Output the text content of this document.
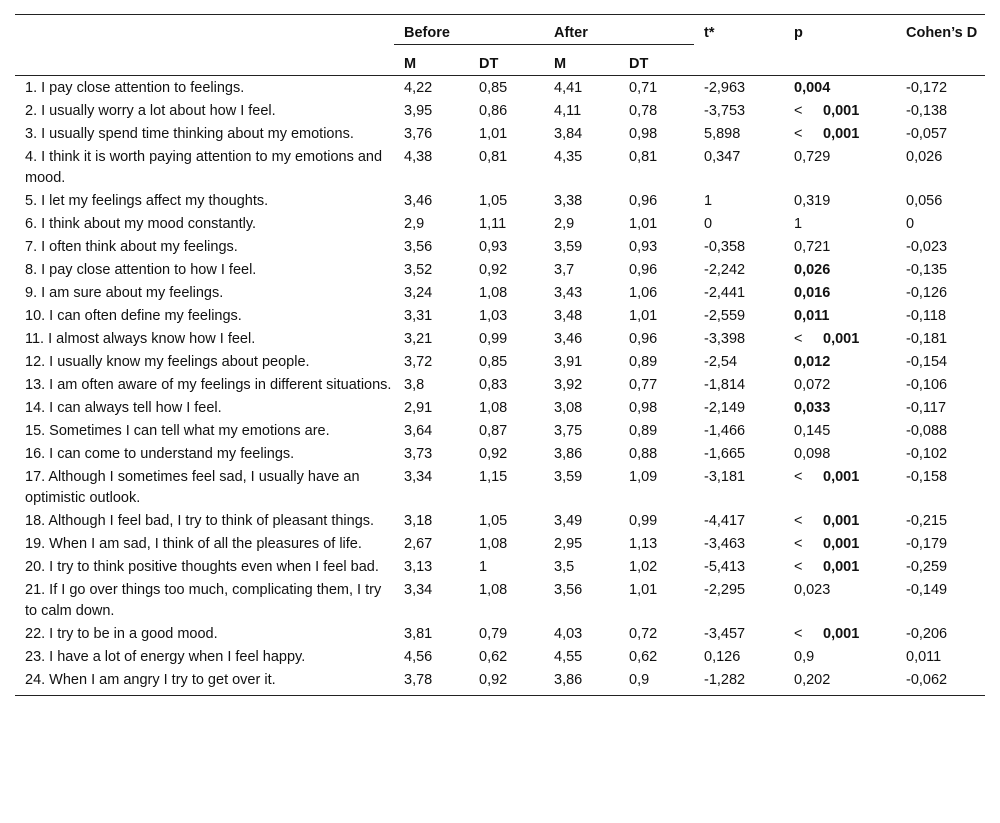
	Before		After		t*	p	Cohen’s D
	M	DT	M	DT			
1. I pay close attention to feelings.	4,22	0,85	4,41	0,71	-2,963	0,004	-0,172
2. I usually worry a lot about how I feel.	3,95	0,86	4,11	0,78	-3,753	< 0,001	-0,138
3. I usually spend time thinking about my emotions.	3,76	1,01	3,84	0,98	5,898	< 0,001	-0,057
4. I think it is worth paying attention to my emotions and mood.	4,38	0,81	4,35	0,81	0,347	0,729	0,026
5. I let my feelings affect my thoughts.	3,46	1,05	3,38	0,96	1	0,319	0,056
6. I think about my mood constantly.	2,9	1,11	2,9	1,01	0	1	0
7. I often think about my feelings.	3,56	0,93	3,59	0,93	-0,358	0,721	-0,023
8. I pay close attention to how I feel.	3,52	0,92	3,7	0,96	-2,242	0,026	-0,135
9. I am sure about my feelings.	3,24	1,08	3,43	1,06	-2,441	0,016	-0,126
10. I can often define my feelings.	3,31	1,03	3,48	1,01	-2,559	0,011	-0,118
11. I almost always know how I feel.	3,21	0,99	3,46	0,96	-3,398	< 0,001	-0,181
12. I usually know my feelings about people.	3,72	0,85	3,91	0,89	-2,54	0,012	-0,154
13. I am often aware of my feelings in different situations.	3,8	0,83	3,92	0,77	-1,814	0,072	-0,106
14. I can always tell how I feel.	2,91	1,08	3,08	0,98	-2,149	0,033	-0,117
15. Sometimes I can tell what my emotions are.	3,64	0,87	3,75	0,89	-1,466	0,145	-0,088
16. I can come to understand my feelings.	3,73	0,92	3,86	0,88	-1,665	0,098	-0,102
17. Although I sometimes feel sad, I usually have an optimistic outlook.	3,34	1,15	3,59	1,09	-3,181	< 0,001	-0,158
18. Although I feel bad, I try to think of pleasant things.	3,18	1,05	3,49	0,99	-4,417	< 0,001	-0,215
19. When I am sad, I think of all the pleasures of life.	2,67	1,08	2,95	1,13	-3,463	< 0,001	-0,179
20. I try to think positive thoughts even when I feel bad.	3,13	1	3,5	1,02	-5,413	< 0,001	-0,259
21. If I go over things too much, complicating them, I try to calm down.	3,34	1,08	3,56	1,01	-2,295	0,023	-0,149
22. I try to be in a good mood.	3,81	0,79	4,03	0,72	-3,457	< 0,001	-0,206
23. I have a lot of energy when I feel happy.	4,56	0,62	4,55	0,62	0,126	0,9	0,011
24. When I am angry I try to get over it.	3,78	0,92	3,86	0,9	-1,282	0,202	-0,062
